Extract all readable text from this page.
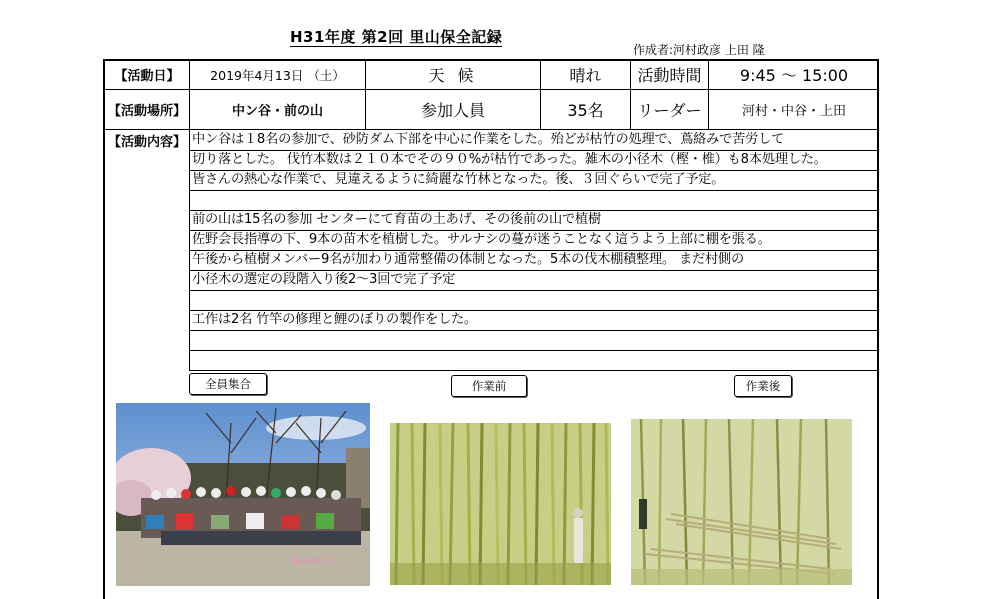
H31年度 第2回 里山保全記録
作成者:河村政彦 上田 隆
【活動日】	2019年4月13日 （土）	天 候	晴れ	活動時間	9:45 ～ 15:00
【活動場所】	中ン谷・前の山	参加人員	35名	リーダー	河村・中谷・上田
【活動内容】 中ン谷は１8名の参加で、砂防ダム下部を中心に作業をした。殆どが枯竹の処理で、蔦絡みで苦労して
切り落とした。 伐竹本数は２１０本でその９０%が枯竹であった。雑木の小径木（樫・椎）も8本処理した。
皆さんの熱心な作業で、見違えるように綺麗な竹林となった。後、３回ぐらいで完了予定。
前の山は15名の参加 センターにて育苗の土あげ、その後前の山で植樹
佐野会長指導の下、9本の苗木を植樹した。サルナシの蔓が迷うことなく這うよう上部に棚を張る。
午後から植樹メンバー9名が加わり通常整備の体制となった。5本の伐木棚積整理。 まだ村側の
小径木の選定の段階入り後2～3回で完了予定
工作は2名 竹竿の修理と鯉のぼりの製作をした。
全員集合	作業前	作業後
2019/04/13
